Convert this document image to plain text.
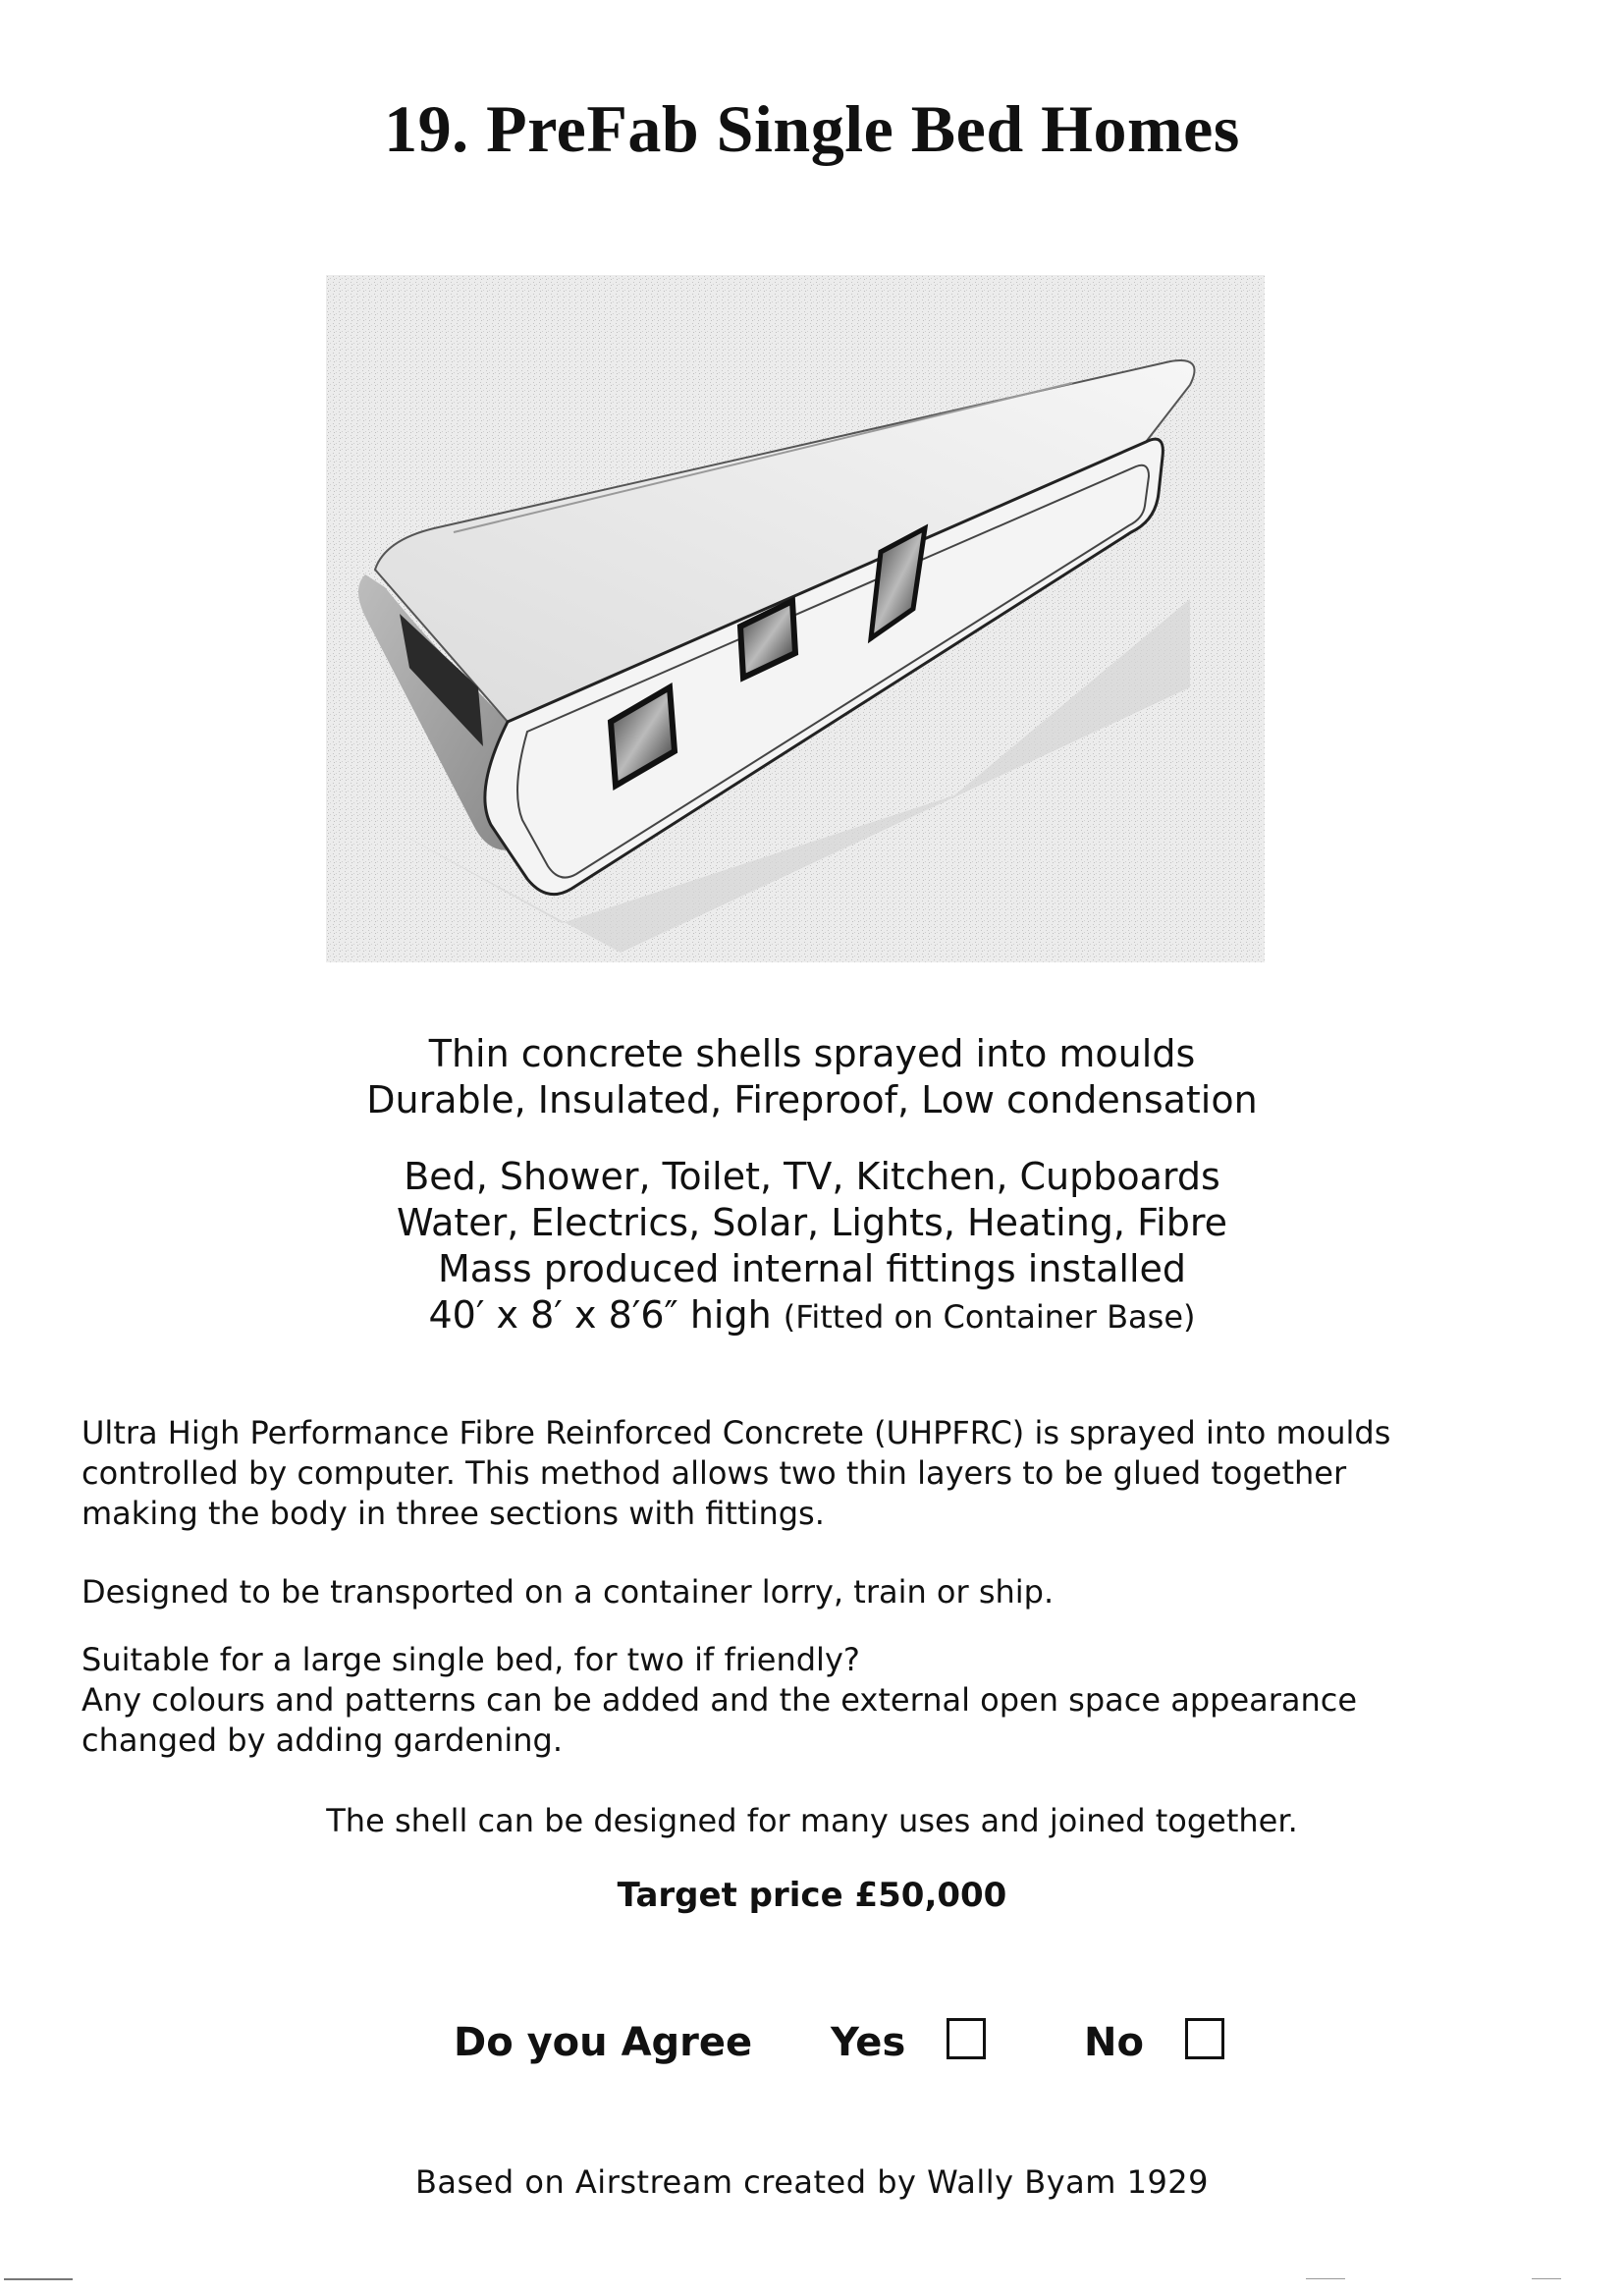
19. PreFab Single Bed Homes
Thin concrete shells sprayed into moulds
Durable, Insulated, Fireproof, Low condensation
Bed, Shower, Toilet, TV, Kitchen, Cupboards
Water, Electrics, Solar, Lights, Heating, Fibre
Mass produced internal fittings installed
40′ x 8′ x 8′6″ high (Fitted on Container Base)
Ultra High Performance Fibre Reinforced Concrete (UHPFRC) is sprayed into moulds
controlled by computer. This method allows two thin layers to be glued together
making the body in three sections with fittings.
Designed to be transported on a container lorry, train or ship.
Suitable for a large single bed, for two if friendly?
Any colours and patterns can be added and the external open space appearance
changed by adding gardening.
The shell can be designed for many uses and joined together.
Target price £50,000
Do you Agree Yes	No
Based on Airstream created by Wally Byam 1929
